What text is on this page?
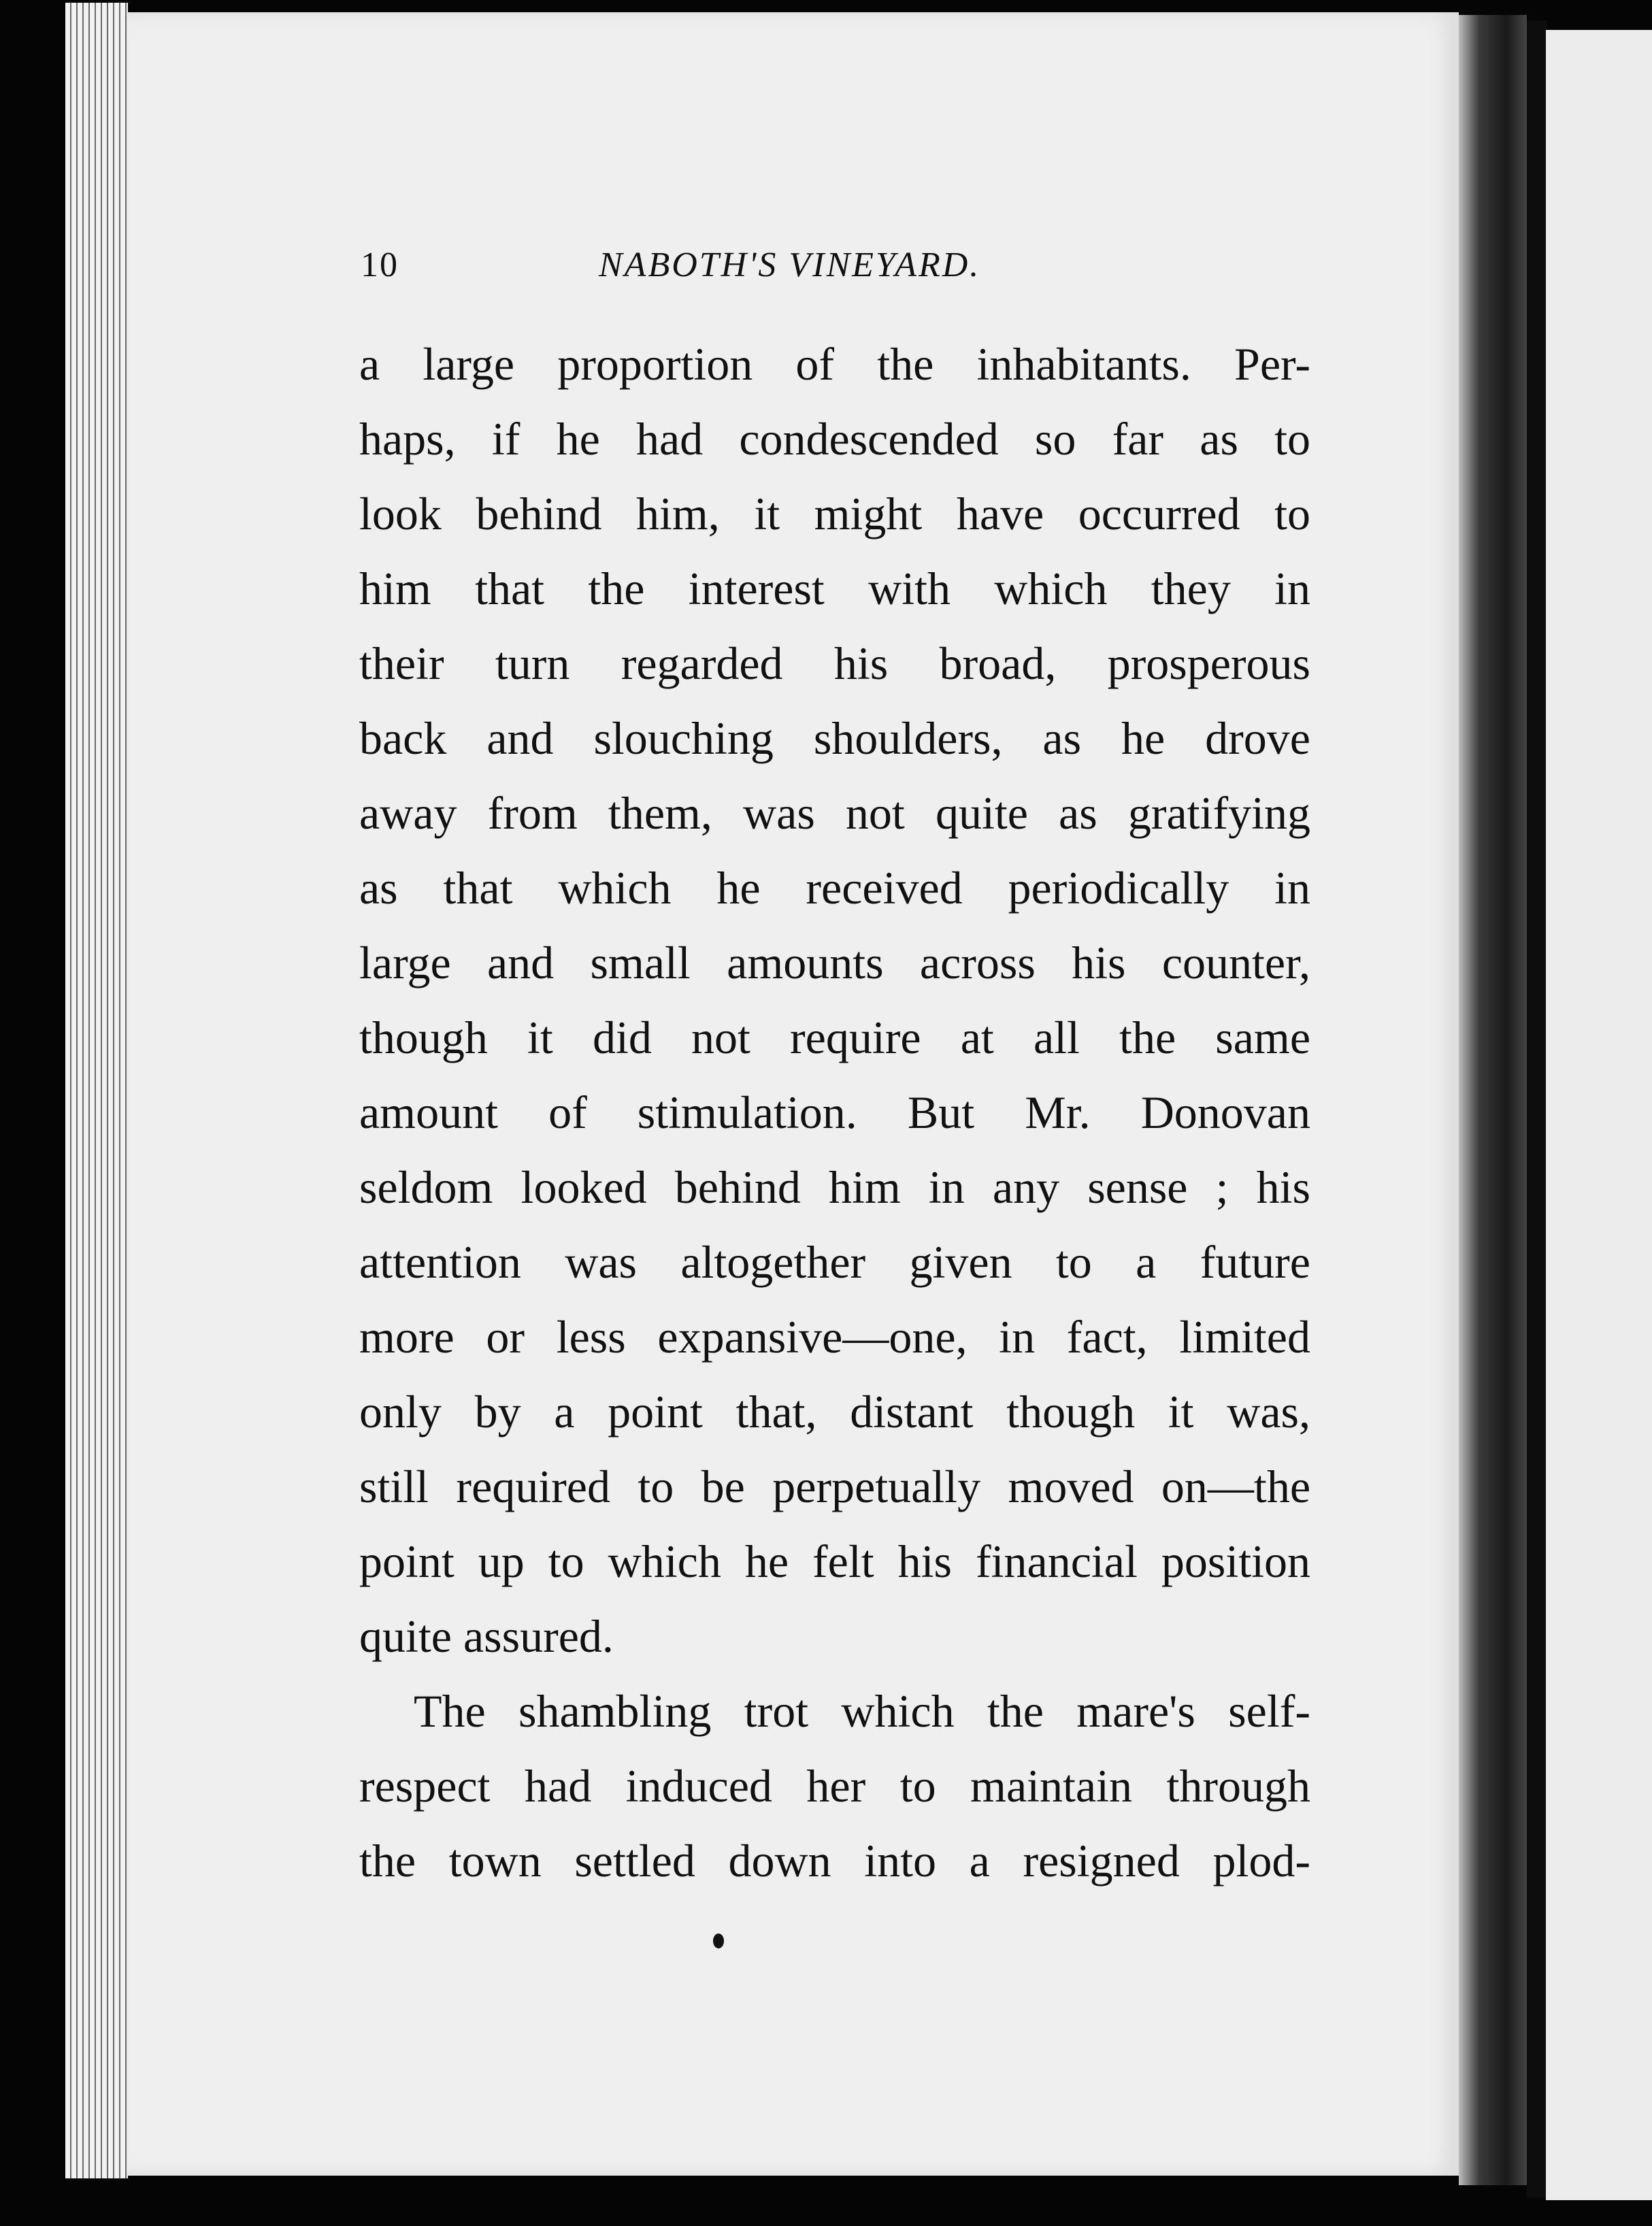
10	NABOTH'S VINEYARD.
a large proportion of the inhabitants. Per-
haps, if he had condescended so far as to
look behind him, it might have occurred to
him that the interest with which they in
their turn regarded his broad, prosperous
back and slouching shoulders, as he drove
away from them, was not quite as gratifying
as that which he received periodically in
large and small amounts across his counter,
though it did not require at all the same
amount of stimulation. But Mr. Donovan
seldom looked behind him in any sense ; his
attention was altogether given to a future
more or less expansive—one, in fact, limited
only by a point that, distant though it was,
still required to be perpetually moved on—the
point up to which he felt his financial position
quite assured.
The shambling trot which the mare's self-
respect had induced her to maintain through
the town settled down into a resigned plod-
